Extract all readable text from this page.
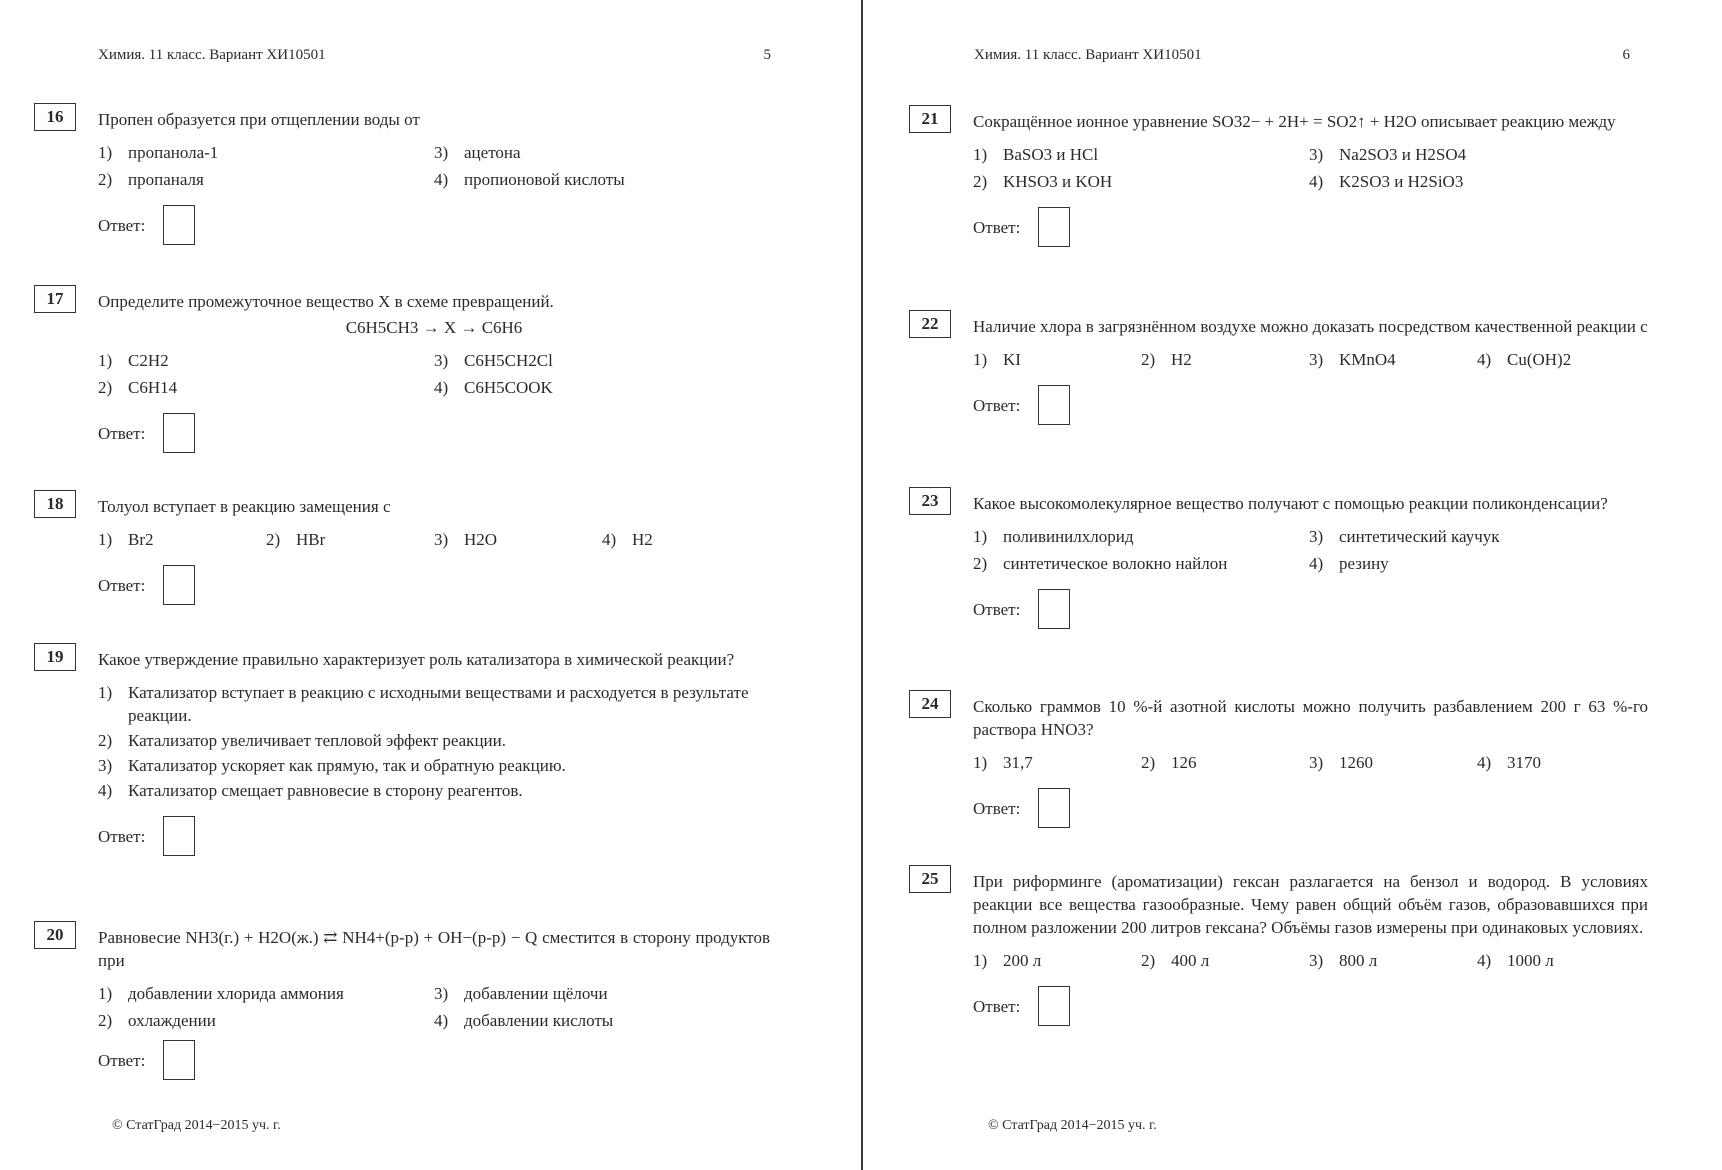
Химия. 11 класс. Вариант ХИ10501	5
16	Пропен образуется при отщеплении воды от
1) пропанола-1	3) ацетона
2) пропаналя	4) пропионовой кислоты
Ответ:
17	Определите промежуточное вещество X в схеме превращений.
C6H5CH3 → X → C6H6
1) C2H2	3) C6H5CH2Cl
2) C6H14	4) C6H5COOK
Ответ:
18	Толуол вступает в реакцию замещения с
1) Br2	2) HBr	3) H2O	4) H2
Ответ:
19	Какое утверждение правильно характеризует роль катализатора в химической реакции?
1) Катализатор вступает в реакцию с исходными веществами и расходуется в результате реакции.
2) Катализатор увеличивает тепловой эффект реакции.
3) Катализатор ускоряет как прямую, так и обратную реакцию.
4) Катализатор смещает равновесие в сторону реагентов.
Ответ:
20	Равновесие NH3(г.) + H2O(ж.) ⇄ NH4+(р-р) + OH−(р-р) − Q сместится в сторону продуктов при
1) добавлении хлорида аммония	3) добавлении щёлочи
2) охлаждении	4) добавлении кислоты
Ответ:
© СтатГрад 2014−2015 уч. г.
Химия. 11 класс. Вариант ХИ10501	6
21	Сокращённое ионное уравнение SO32− + 2H+ = SO2↑ + H2O описывает реакцию между
1) BaSO3 и HCl	3) Na2SO3 и H2SO4
2) KHSO3 и KOH	4) K2SO3 и H2SiO3
Ответ:
22	Наличие хлора в загрязнённом воздухе можно доказать посредством качественной реакции с
1) KI	2) H2	3) KMnO4	4) Cu(OH)2
Ответ:
23	Какое высокомолекулярное вещество получают с помощью реакции поликонденсации?
1) поливинилхлорид	3) синтетический каучук
2) синтетическое волокно найлон	4) резину
Ответ:
24	Сколько граммов 10 %-й азотной кислоты можно получить разбавлением 200 г 63 %-го раствора HNO3?
1) 31,7	2) 126	3) 1260	4) 3170
Ответ:
25	При риформинге (ароматизации) гексан разлагается на бензол и водород. В условиях реакции все вещества газообразные. Чему равен общий объём газов, образовавшихся при полном разложении 200 литров гексана? Объёмы газов измерены при одинаковых условиях.
1) 200 л	2) 400 л	3) 800 л	4) 1000 л
Ответ:
© СтатГрад 2014−2015 уч. г.
